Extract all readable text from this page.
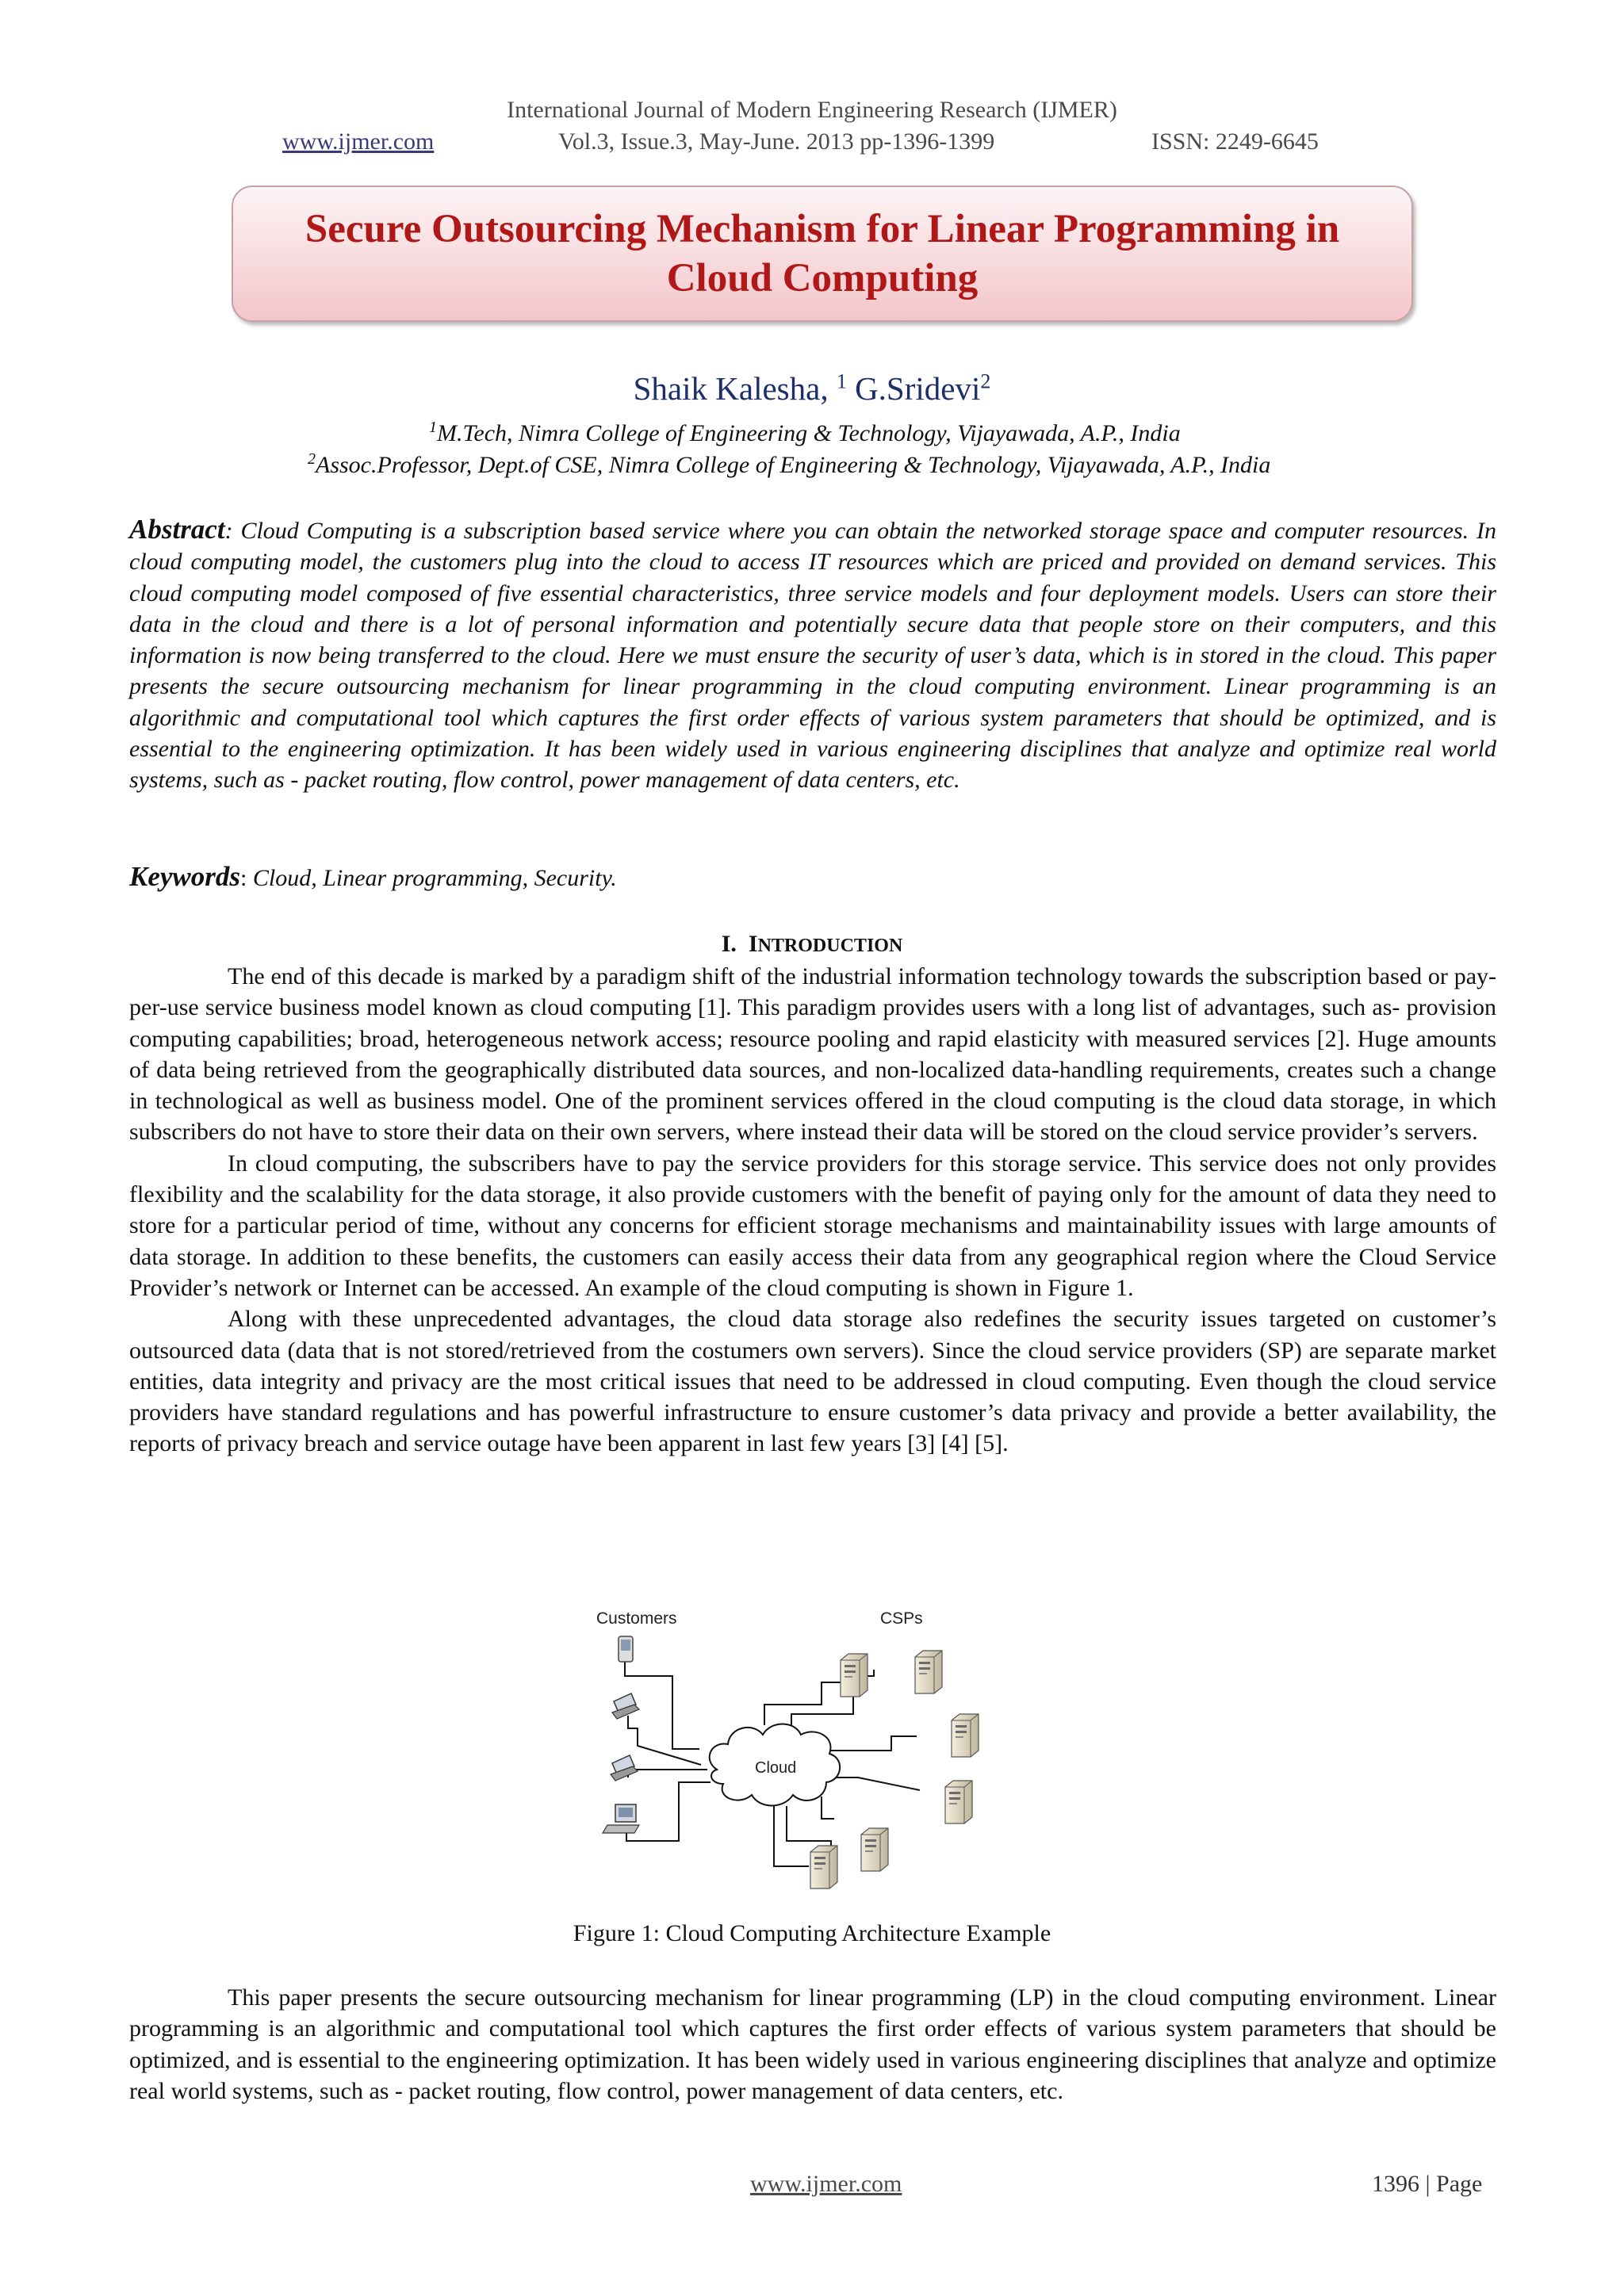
International Journal of Modern Engineering Research (IJMER)
www.ijmer.com	Vol.3, Issue.3, May-June. 2013 pp-1396-1399	ISSN: 2249-6645
Secure Outsourcing Mechanism for Linear Programming in Cloud Computing
Shaik Kalesha, $^1$ G.Sridevi$^2$
$^1$M.Tech, Nimra College of Engineering & Technology, Vijayawada, A.P., India
$^2$Assoc.Professor, Dept.of CSE, Nimra College of Engineering & Technology, Vijayawada, A.P., India
Abstract: Cloud Computing is a subscription based service where you can obtain the networked storage space and computer resources. In cloud computing model, the customers plug into the cloud to access IT resources which are priced and provided on demand services. This cloud computing model composed of five essential characteristics, three service models and four deployment models. Users can store their data in the cloud and there is a lot of personal information and potentially secure data that people store on their computers, and this information is now being transferred to the cloud. Here we must ensure the security of user’s data, which is in stored in the cloud. This paper presents the secure outsourcing mechanism for linear programming in the cloud computing environment. Linear programming is an algorithmic and computational tool which captures the first order effects of various system parameters that should be optimized, and is essential to the engineering optimization. It has been widely used in various engineering disciplines that analyze and optimize real world systems, such as - packet routing, flow control, power management of data centers, etc.
Keywords: Cloud, Linear programming, Security.
I. INTRODUCTION

The end of this decade is marked by a paradigm shift of the industrial information technology towards the subscription based or pay-per-use service business model known as cloud computing [1]. This paradigm provides users with a long list of advantages, such as- provision computing capabilities; broad, heterogeneous network access; resource pooling and rapid elasticity with measured services [2]. Huge amounts of data being retrieved from the geographically distributed data sources, and non-localized data-handling requirements, creates such a change in technological as well as business model. One of the prominent services offered in the cloud computing is the cloud data storage, in which subscribers do not have to store their data on their own servers, where instead their data will be stored on the cloud service provider’s servers.

In cloud computing, the subscribers have to pay the service providers for this storage service. This service does not only provides flexibility and the scalability for the data storage, it also provide customers with the benefit of paying only for the amount of data they need to store for a particular period of time, without any concerns for efficient storage mechanisms and maintainability issues with large amounts of data storage. In addition to these benefits, the customers can easily access their data from any geographical region where the Cloud Service Provider’s network or Internet can be accessed. An example of the cloud computing is shown in Figure 1.

Along with these unprecedented advantages, the cloud data storage also redefines the security issues targeted on customer’s outsourced data (data that is not stored/retrieved from the costumers own servers). Since the cloud service providers (SP) are separate market entities, data integrity and privacy are the most critical issues that need to be addressed in cloud computing. Even though the cloud service providers have standard regulations and has powerful infrastructure to ensure customer’s data privacy and provide a better availability, the reports of privacy breach and service outage have been apparent in last few years [3] [4] [5].

Customers	CSPs
Cloud
Figure 1: Cloud Computing Architecture Example

This paper presents the secure outsourcing mechanism for linear programming (LP) in the cloud computing environment. Linear programming is an algorithmic and computational tool which captures the first order effects of various system parameters that should be optimized, and is essential to the engineering optimization. It has been widely used in various engineering disciplines that analyze and optimize real world systems, such as - packet routing, flow control, power management of data centers, etc.

www.ijmer.com	1396 | Page
